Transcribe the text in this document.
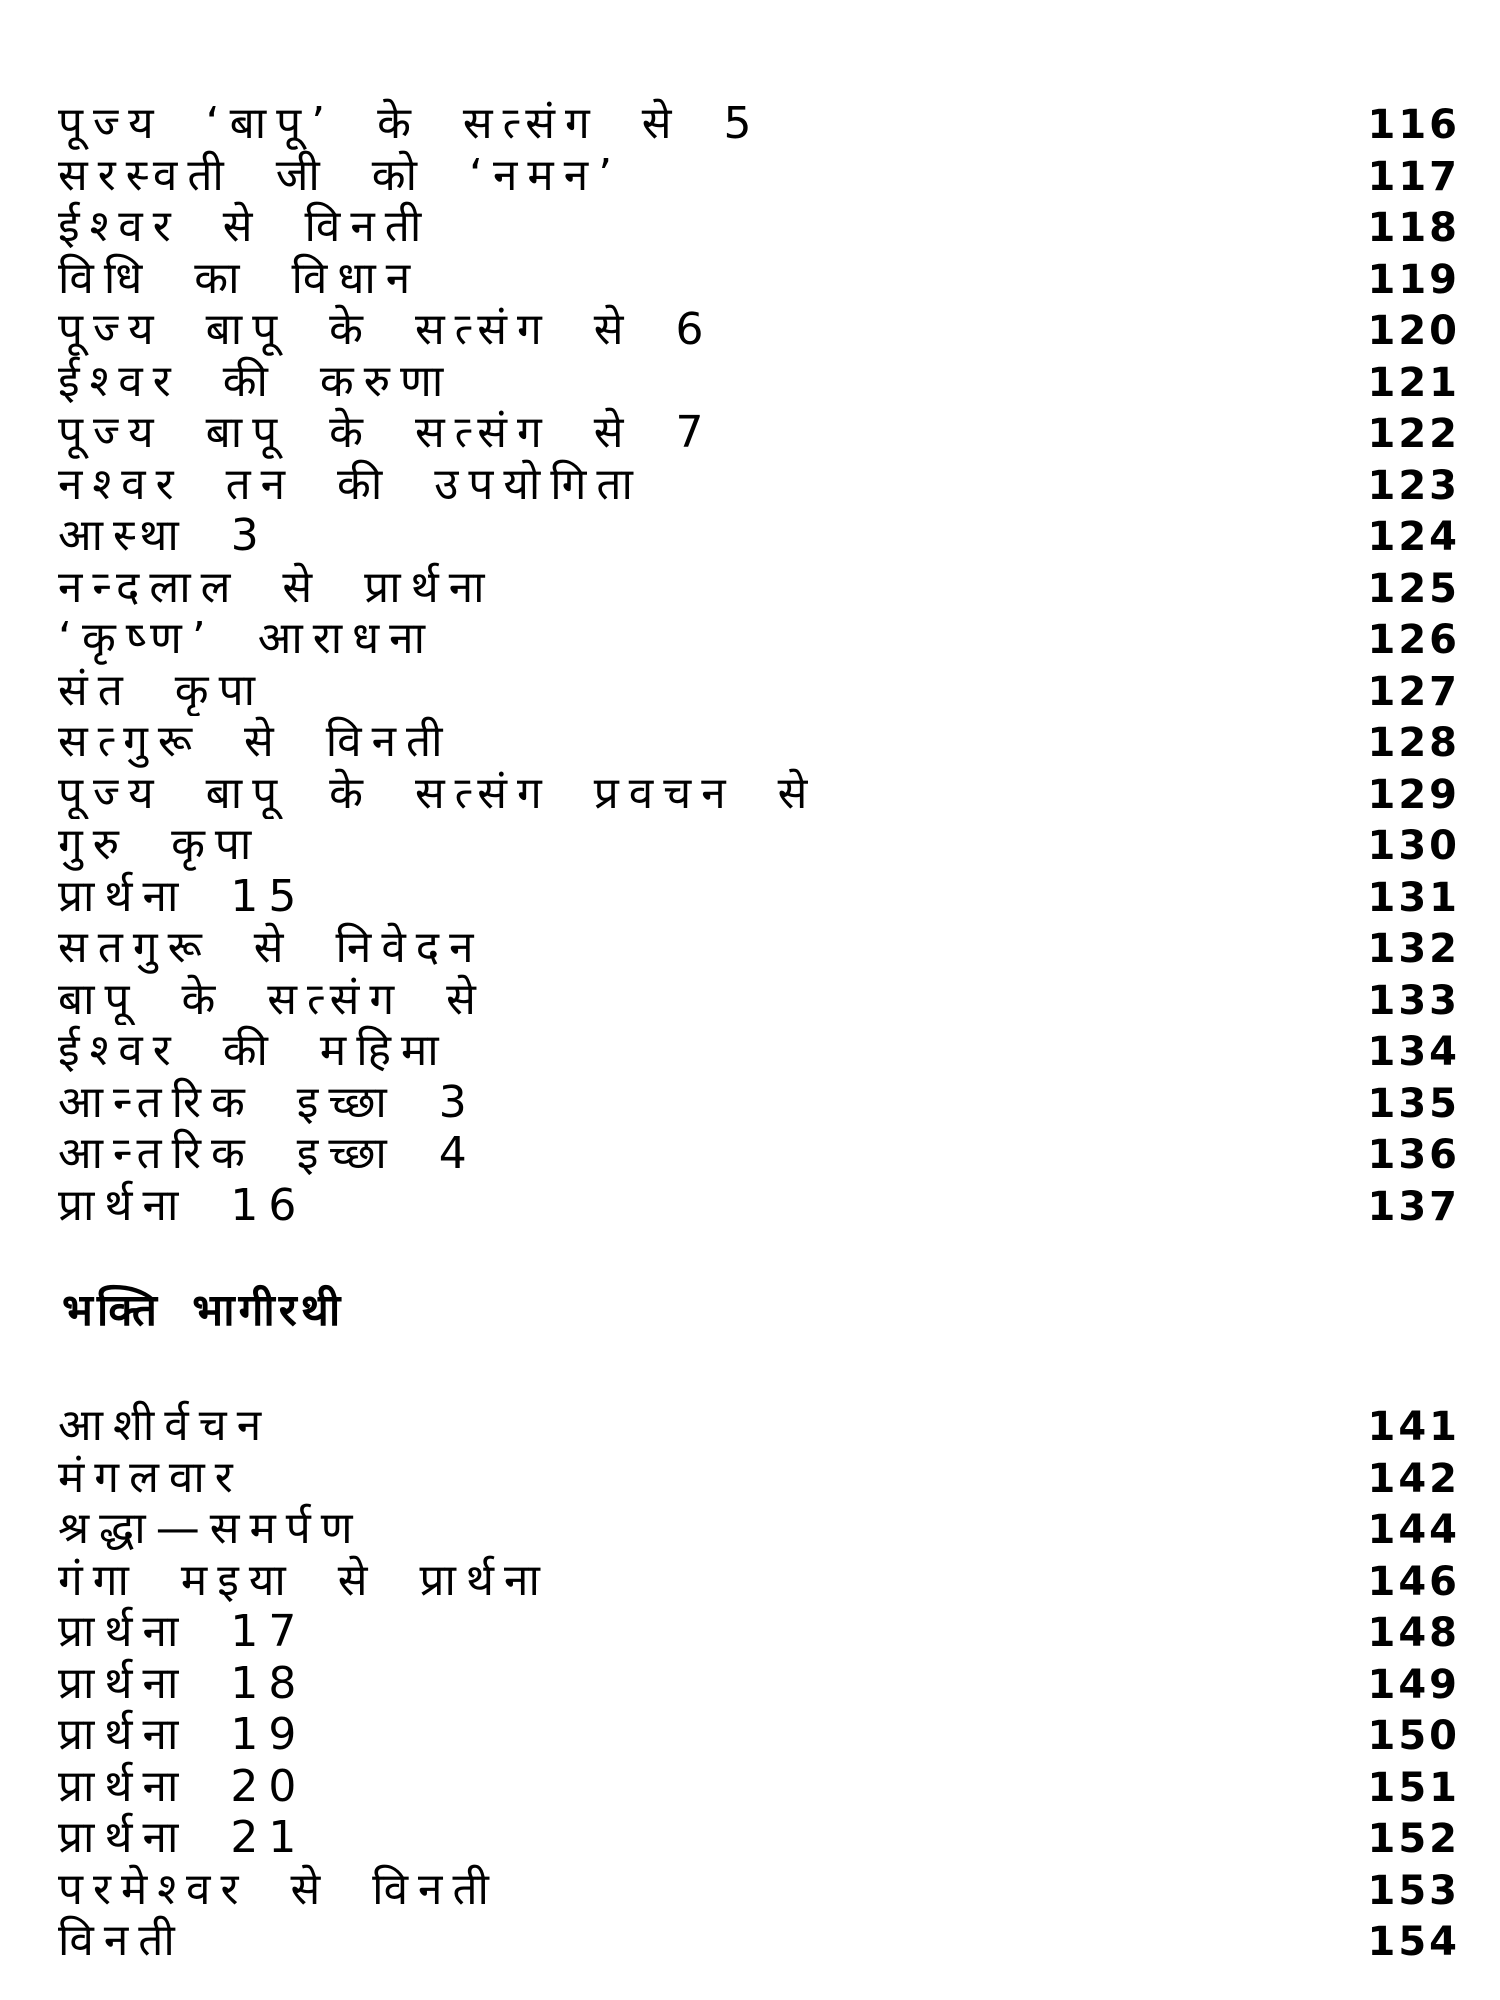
पूज्य ‘बापू’ के सत्संग से 5	116
सरस्वती जी को ‘नमन’	117
ईश्वर से विनती	118
विधि का विधान	119
पूज्य बापू के सत्संग से 6	120
ईश्वर की करुणा	121
पूज्य बापू के सत्संग से 7	122
नश्वर तन की उपयोगिता	123
आस्था 3	124
नन्दलाल से प्रार्थना	125
‘कृष्ण’ आराधना	126
संत कृपा	127
सत्गुरू से विनती	128
पूज्य बापू के सत्संग प्रवचन से	129
गुरु कृपा	130
प्रार्थना 15	131
सतगुरू से निवेदन	132
बापू के सत्संग से	133
ईश्वर की महिमा	134
आन्तरिक इच्छा 3	135
आन्तरिक इच्छा 4	136
प्रार्थना 16	137
भक्ति भागीरथी
आशीर्वचन	141
मंगलवार	142
श्रद्धा—समर्पण	144
गंगा मइया से प्रार्थना	146
प्रार्थना 17	148
प्रार्थना 18	149
प्रार्थना 19	150
प्रार्थना 20	151
प्रार्थना 21	152
परमेश्वर से विनती	153
विनती	154
